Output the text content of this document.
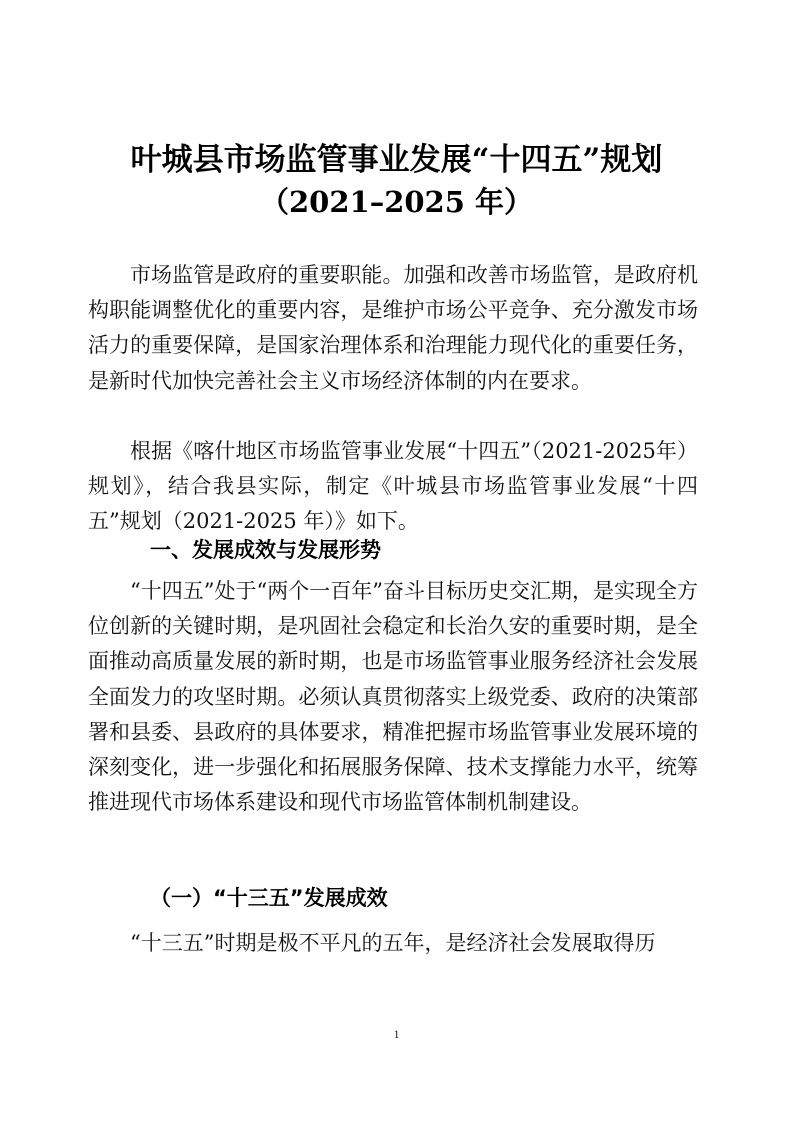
叶城县市场监管事业发展“十四五”规划
（2021–2025 年）

市场监管是政府的重要职能。加强和改善市场监管，是政府机构职能调整优化的重要内容，是维护市场公平竞争、充分激发市场活力的重要保障，是国家治理体系和治理能力现代化的重要任务，是新时代加快完善社会主义市场经济体制的内在要求。

根据《喀什地区市场监管事业发展“十四五”（2021-2025年）规划》，结合我县实际，制定《叶城县市场监管事业发展“十四五”规划（2021-2025 年）》如下。

一、发展成效与发展形势

“十四五”处于“两个一百年”奋斗目标历史交汇期，是实现全方位创新的关键时期，是巩固社会稳定和长治久安的重要时期，是全面推动高质量发展的新时期，也是市场监管事业服务经济社会发展全面发力的攻坚时期。必须认真贯彻落实上级党委、政府的决策部署和县委、县政府的具体要求，精准把握市场监管事业发展环境的深刻变化，进一步强化和拓展服务保障、技术支撑能力水平，统筹推进现代市场体系建设和现代市场监管体制机制建设。

（一）“十三五”发展成效

“十三五”时期是极不平凡的五年，是经济社会发展取得历

1
